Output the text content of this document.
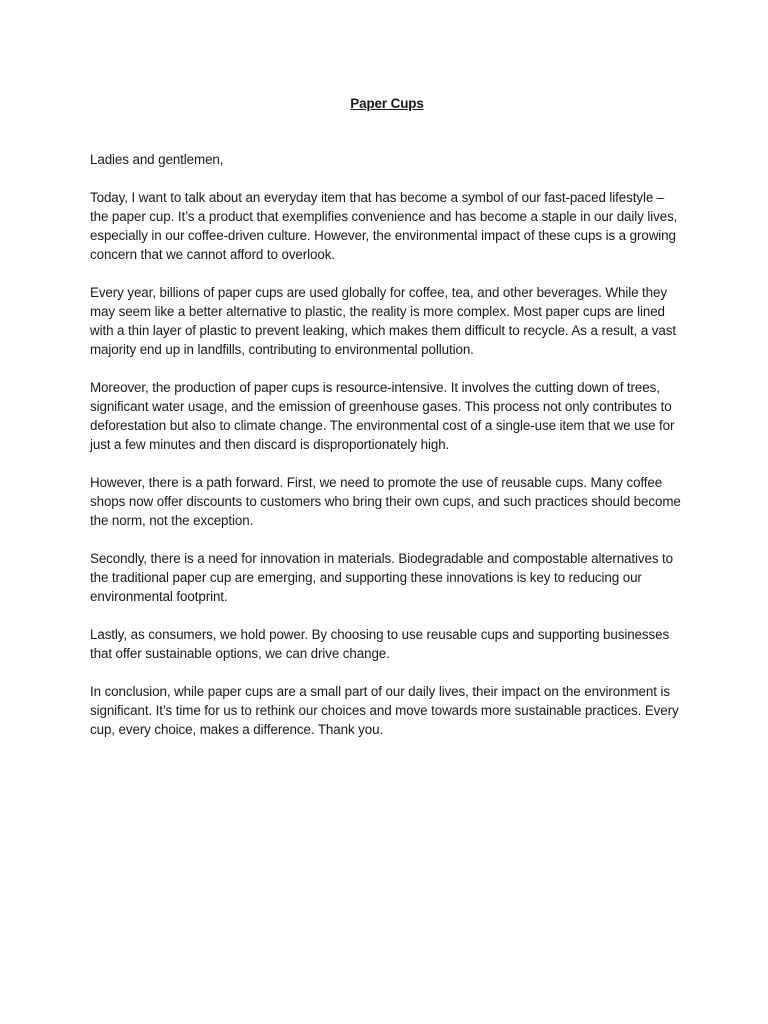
Paper Cups
Ladies and gentlemen,
Today, I want to talk about an everyday item that has become a symbol of our fast-paced lifestyle – the paper cup. It’s a product that exemplifies convenience and has become a staple in our daily lives, especially in our coffee-driven culture. However, the environmental impact of these cups is a growing concern that we cannot afford to overlook.
Every year, billions of paper cups are used globally for coffee, tea, and other beverages. While they may seem like a better alternative to plastic, the reality is more complex. Most paper cups are lined with a thin layer of plastic to prevent leaking, which makes them difficult to recycle. As a result, a vast majority end up in landfills, contributing to environmental pollution.
Moreover, the production of paper cups is resource-intensive. It involves the cutting down of trees, significant water usage, and the emission of greenhouse gases. This process not only contributes to deforestation but also to climate change. The environmental cost of a single-use item that we use for just a few minutes and then discard is disproportionately high.
However, there is a path forward. First, we need to promote the use of reusable cups. Many coffee shops now offer discounts to customers who bring their own cups, and such practices should become the norm, not the exception.
Secondly, there is a need for innovation in materials. Biodegradable and compostable alternatives to the traditional paper cup are emerging, and supporting these innovations is key to reducing our environmental footprint.
Lastly, as consumers, we hold power. By choosing to use reusable cups and supporting businesses that offer sustainable options, we can drive change.
In conclusion, while paper cups are a small part of our daily lives, their impact on the environment is significant. It’s time for us to rethink our choices and move towards more sustainable practices. Every cup, every choice, makes a difference. Thank you.
